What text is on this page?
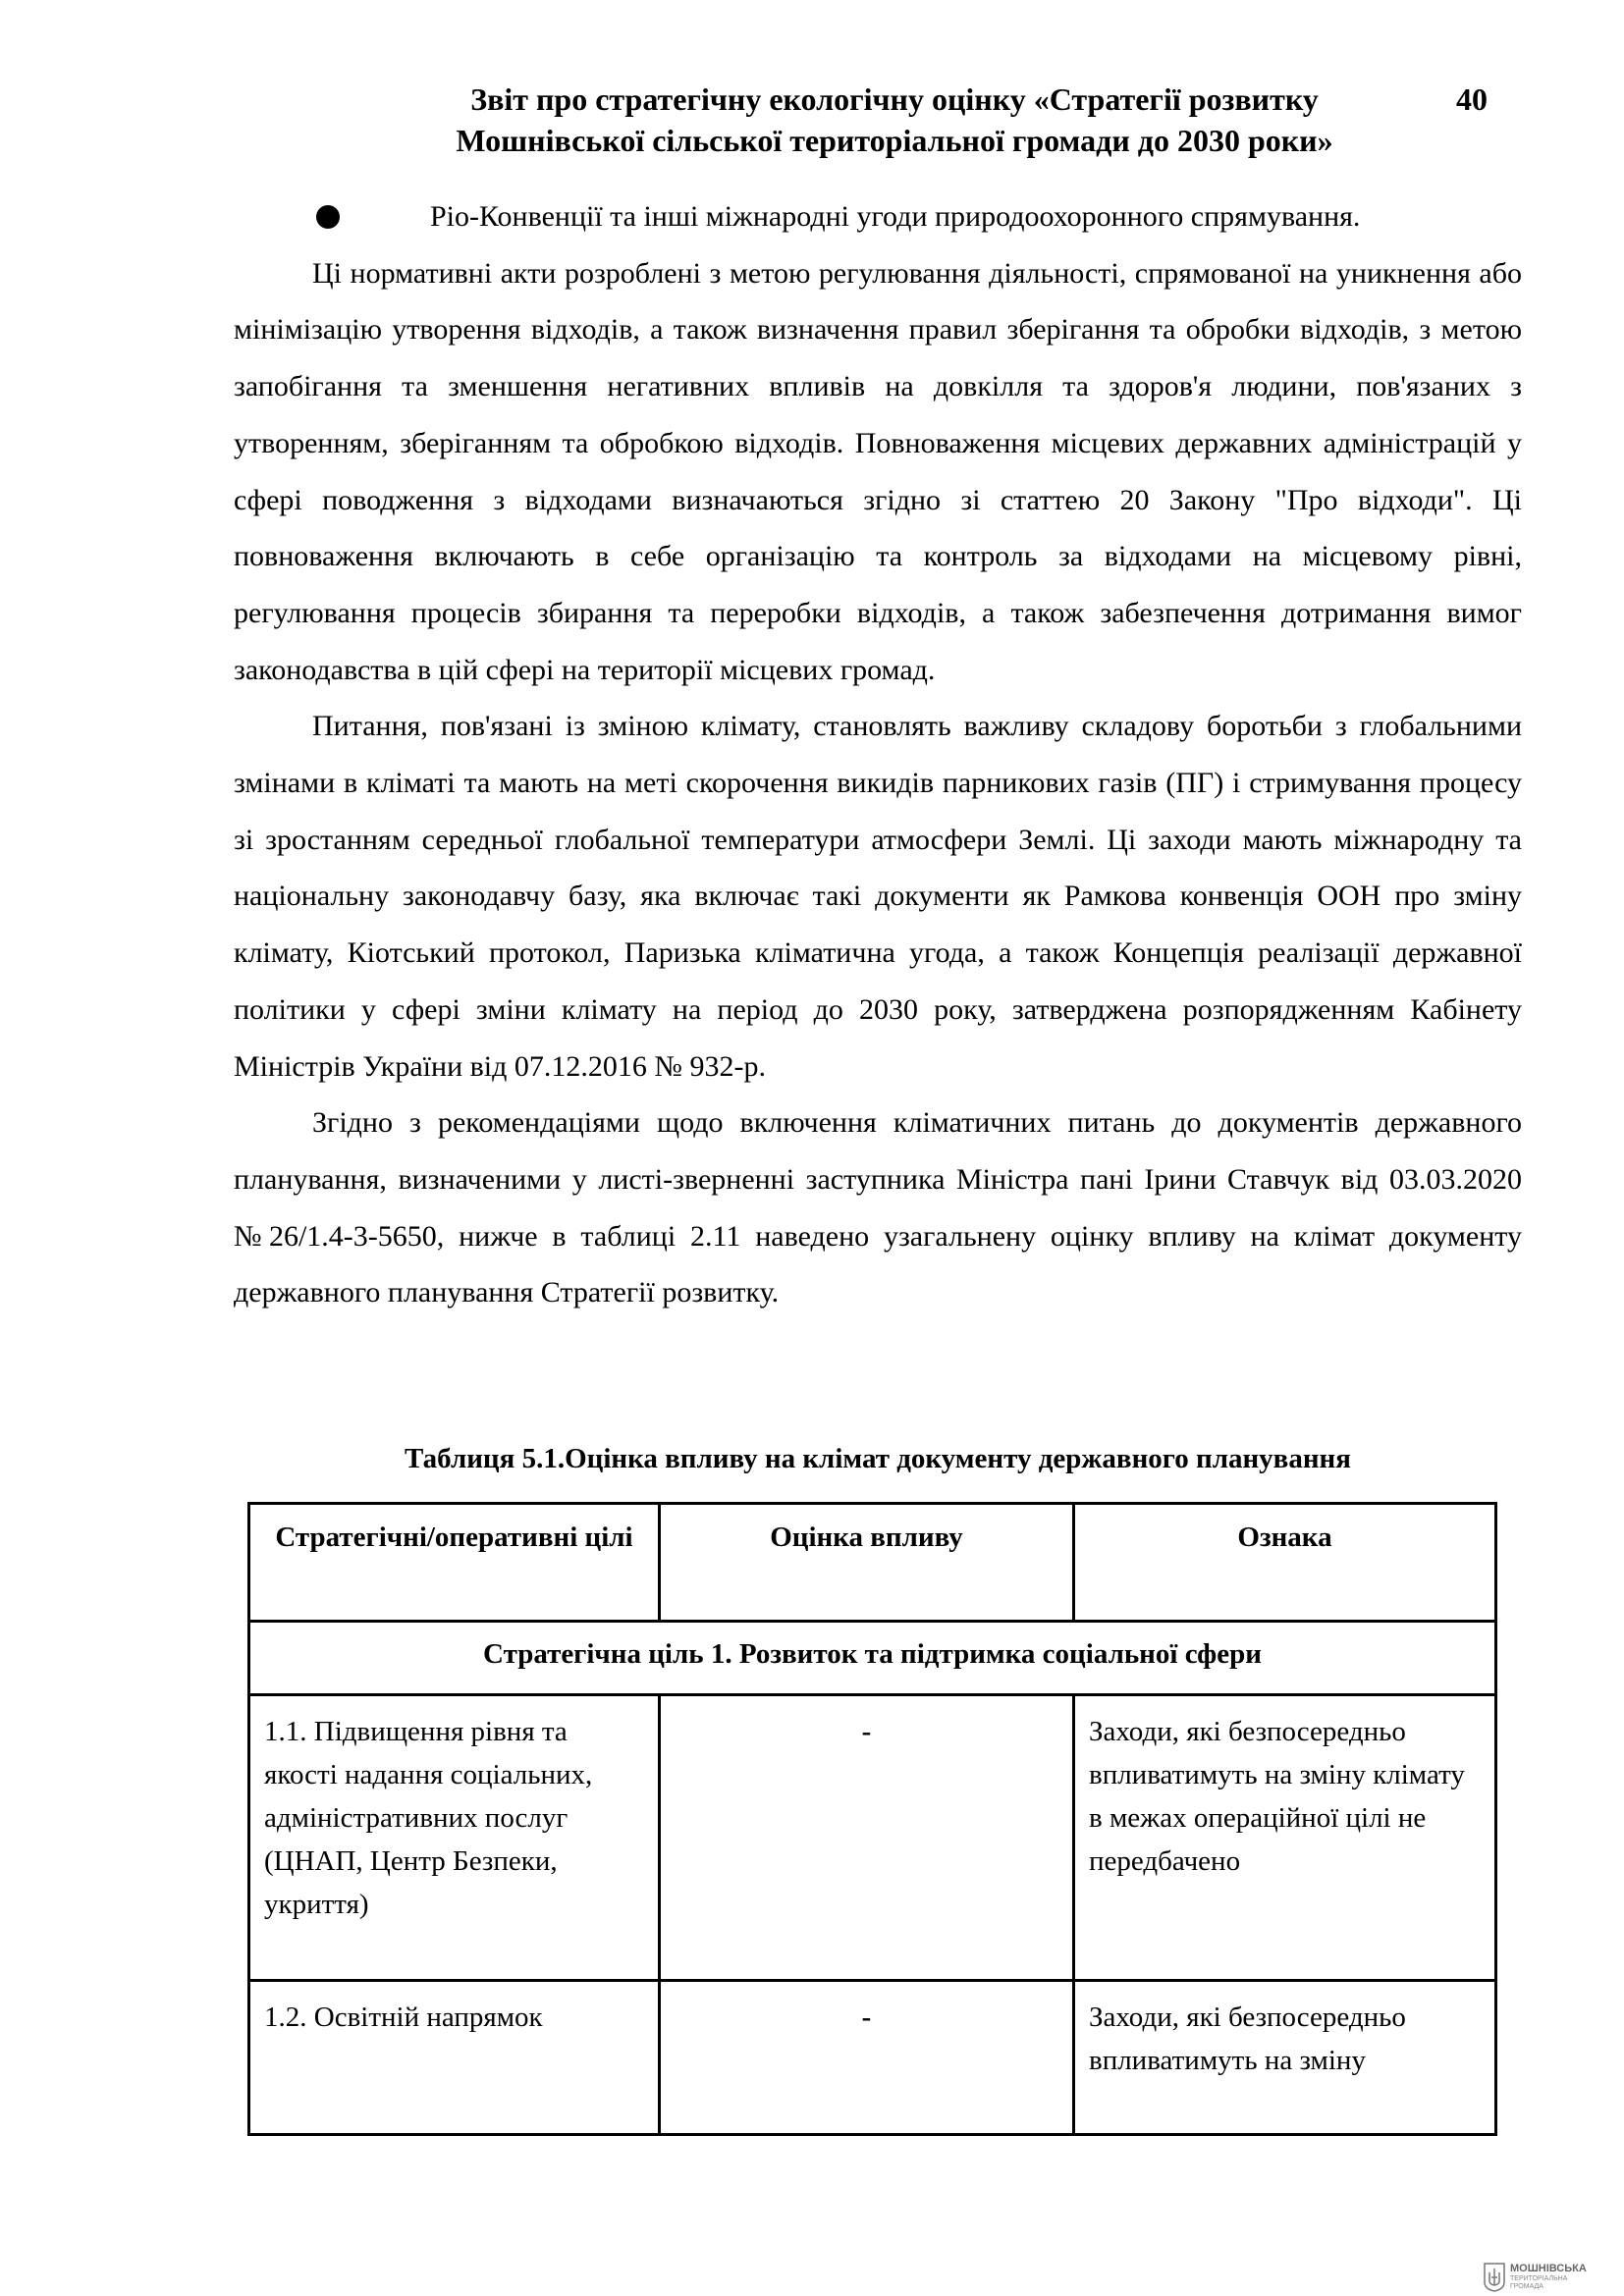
Звіт про стратегічну екологічну оцінку «Стратегії розвитку
Мошнівської сільської територіальної громади до 2030 роки»
40

Ріо-Конвенції та інші міжнародні угоди природоохоронного спрямування.

Ці нормативні акти розроблені з метою регулювання діяльності, спрямованої на уникнення або мінімізацію утворення відходів, а також визначення правил зберігання та обробки відходів, з метою запобігання та зменшення негативних впливів на довкілля та здоров'я людини, пов'язаних з утворенням, зберіганням та обробкою відходів. Повноваження місцевих державних адміністрацій у сфері поводження з відходами визначаються згідно зі статтею 20 Закону "Про відходи". Ці повноваження включають в себе організацію та контроль за відходами на місцевому рівні, регулювання процесів збирання та переробки відходів, а також забезпечення дотримання вимог законодавства в цій сфері на території місцевих громад.

Питання, пов'язані із зміною клімату, становлять важливу складову боротьби з глобальними змінами в кліматі та мають на меті скорочення викидів парникових газів (ПГ) і стримування процесу зі зростанням середньої глобальної температури атмосфери Землі. Ці заходи мають міжнародну та національну законодавчу базу, яка включає такі документи як Рамкова конвенція ООН про зміну клімату, Кіотський протокол, Паризька кліматична угода, а також Концепція реалізації державної політики у сфері зміни клімату на період до 2030 року, затверджена розпорядженням Кабінету Міністрів України від 07.12.2016 № 932-р.

Згідно з рекомендаціями щодо включення кліматичних питань до документів державного планування, визначеними у листі-зверненні заступника Міністра пані Ірини Ставчук від 03.03.2020 №26/1.4-3-5650, нижче в таблиці 2.11 наведено узагальнену оцінку впливу на клімат документу державного планування Стратегії розвитку.

Таблиця 5.1.Оцінка впливу на клімат документу державного планування
Стратегічні/оперативні цілі	Оцінка впливу	Ознака
Стратегічна ціль 1. Розвиток та підтримка соціальної сфери		
1.1. Підвищення рівня та якості надання соціальних, адміністративних послуг (ЦНАП, Центр Безпеки, укриття)	-	Заходи, які безпосередньо впливатимуть на зміну клімату в межах операційної цілі не передбачено
1.2. Освітній напрямок	-	Заходи, які безпосередньо впливатимуть на зміну
МОШНІВСЬКА
ТЕРИТОРІАЛЬНА
ГРОМАДА
